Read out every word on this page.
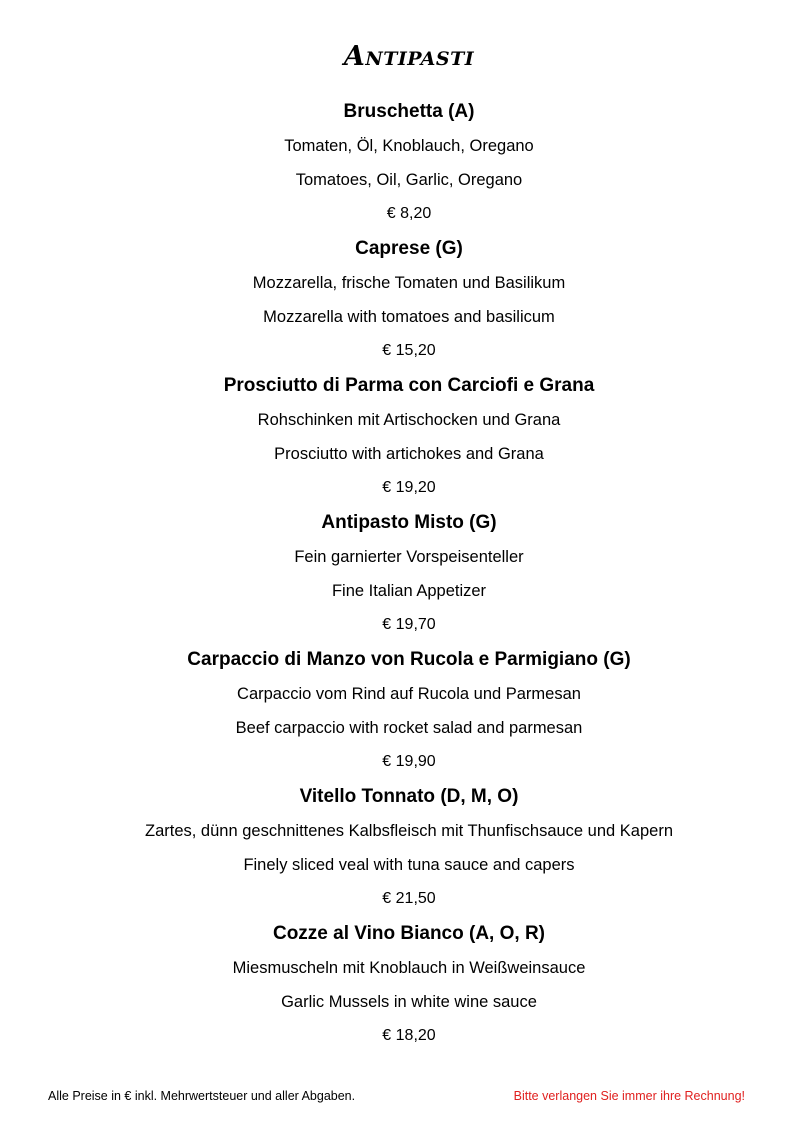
Antipasti
Bruschetta (A)
Tomaten, Öl, Knoblauch, Oregano
Tomatoes, Oil, Garlic, Oregano
€ 8,20
Caprese (G)
Mozzarella, frische Tomaten und Basilikum
Mozzarella with tomatoes and basilicum
€ 15,20
Prosciutto di Parma con Carciofi e Grana
Rohschinken mit Artischocken und Grana
Prosciutto with artichokes and Grana
€ 19,20
Antipasto Misto (G)
Fein garnierter Vorspeisenteller
Fine Italian Appetizer
€ 19,70
Carpaccio di Manzo von Rucola e Parmigiano (G)
Carpaccio vom Rind auf Rucola und Parmesan
Beef carpaccio with rocket salad and parmesan
€ 19,90
Vitello Tonnato (D, M, O)
Zartes, dünn geschnittenes Kalbsfleisch mit Thunfischsauce und Kapern
Finely sliced veal with tuna sauce and capers
€ 21,50
Cozze al Vino Bianco (A, O, R)
Miesmuscheln mit Knoblauch in Weißweinsauce
Garlic Mussels in white wine sauce
€ 18,20
Alle Preise in € inkl. Mehrwertsteuer und aller Abgaben.	Bitte verlangen Sie immer ihre Rechnung!
